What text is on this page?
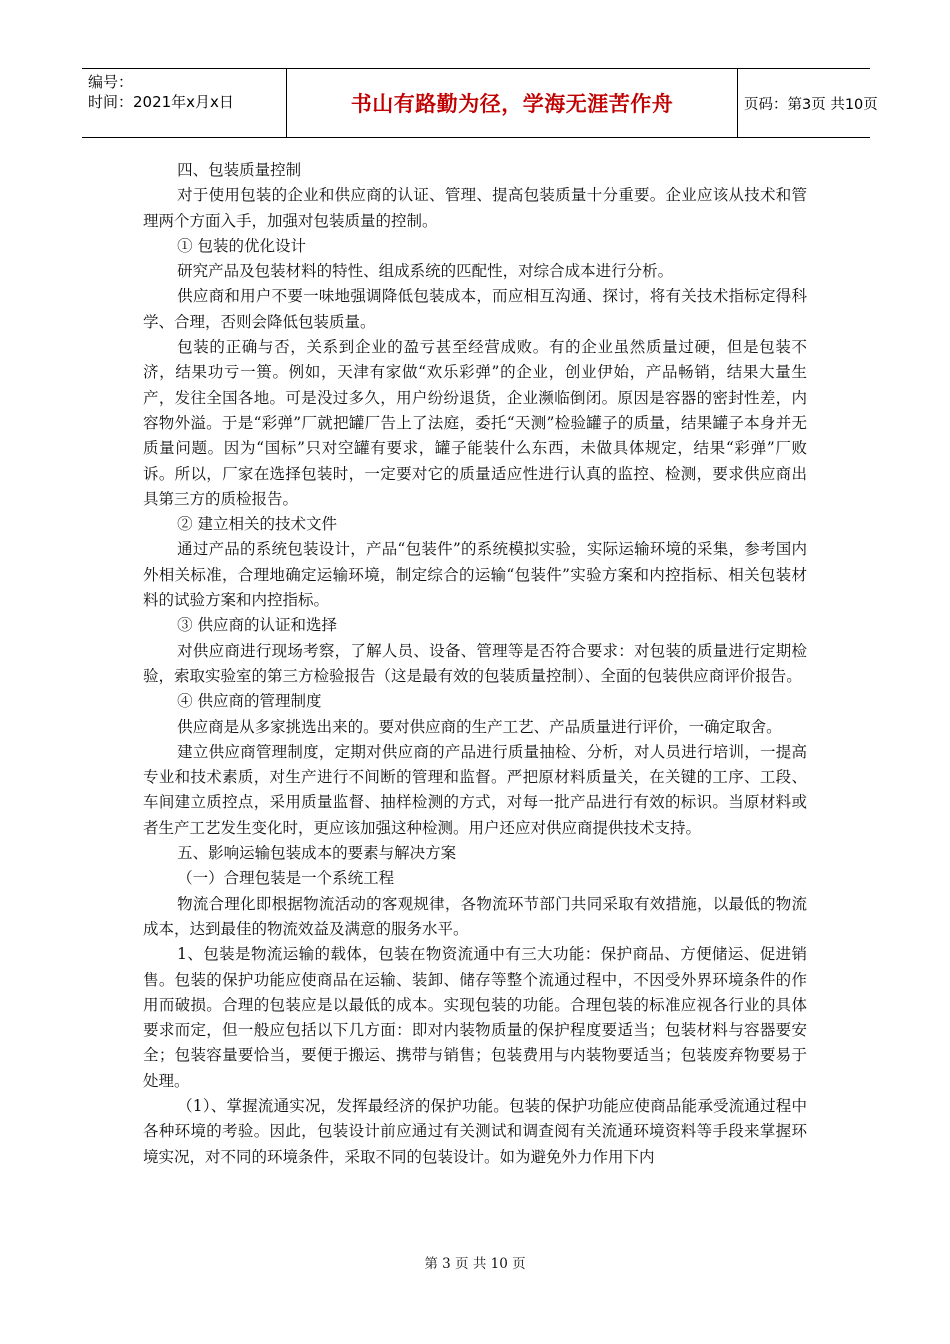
编号：
时间：2021年x月x日	书山有路勤为径，学海无涯苦作舟	页码：第3页 共10页

四、包装质量控制

对于使用包装的企业和供应商的认证、管理、提高包装质量十分重要。企业应该从技术和管理两个方面入手，加强对包装质量的控制。

① 包装的优化设计

研究产品及包装材料的特性、组成系统的匹配性，对综合成本进行分析。

供应商和用户不要一味地强调降低包装成本，而应相互沟通、探讨，将有关技术指标定得科学、合理，否则会降低包装质量。

包装的正确与否，关系到企业的盈亏甚至经营成败。有的企业虽然质量过硬，但是包装不济，结果功亏一篑。例如，天津有家做“欢乐彩弹”的企业，创业伊始，产品畅销，结果大量生产，发往全国各地。可是没过多久，用户纷纷退货，企业濒临倒闭。原因是容器的密封性差，内容物外溢。于是“彩弹”厂就把罐厂告上了法庭，委托“天测”检验罐子的质量，结果罐子本身并无质量问题。因为“国标”只对空罐有要求，罐子能装什么东西，未做具体规定，结果“彩弹”厂败诉。所以，厂家在选择包装时，一定要对它的质量适应性进行认真的监控、检测，要求供应商出具第三方的质检报告。

② 建立相关的技术文件

通过产品的系统包装设计，产品“包装件”的系统模拟实验，实际运输环境的采集，参考国内外相关标准，合理地确定运输环境，制定综合的运输“包装件”实验方案和内控指标、相关包装材料的试验方案和内控指标。

③ 供应商的认证和选择

对供应商进行现场考察，了解人员、设备、管理等是否符合要求：对包装的质量进行定期检验，索取实验室的第三方检验报告（这是最有效的包装质量控制）、全面的包装供应商评价报告。

④ 供应商的管理制度

供应商是从多家挑选出来的。要对供应商的生产工艺、产品质量进行评价，一确定取舍。

建立供应商管理制度，定期对供应商的产品进行质量抽检、分析，对人员进行培训，一提高专业和技术素质，对生产进行不间断的管理和监督。严把原材料质量关，在关键的工序、工段、车间建立质控点，采用质量监督、抽样检测的方式，对每一批产品进行有效的标识。当原材料或者生产工艺发生变化时，更应该加强这种检测。用户还应对供应商提供技术支持。

五、影响运输包装成本的要素与解决方案

（一）合理包装是一个系统工程

物流合理化即根据物流活动的客观规律，各物流环节部门共同采取有效措施，以最低的物流成本，达到最佳的物流效益及满意的服务水平。

1、包装是物流运输的载体，包装在物资流通中有三大功能：保护商品、方便储运、促进销售。包装的保护功能应使商品在运输、装卸、储存等整个流通过程中，不因受外界环境条件的作用而破损。合理的包装应是以最低的成本。实现包装的功能。合理包装的标准应视各行业的具体要求而定，但一般应包括以下几方面：即对内装物质量的保护程度要适当；包装材料与容器要安全；包装容量要恰当，要便于搬运、携带与销售；包装费用与内装物要适当；包装废弃物要易于处理。

（1）、掌握流通实况，发挥最经济的保护功能。包装的保护功能应使商品能承受流通过程中各种环境的考验。因此，包装设计前应通过有关测试和调查阅有关流通环境资料等手段来掌握环境实况，对不同的环境条件，采取不同的包装设计。如为避免外力作用下内

第 3 页 共 10 页
